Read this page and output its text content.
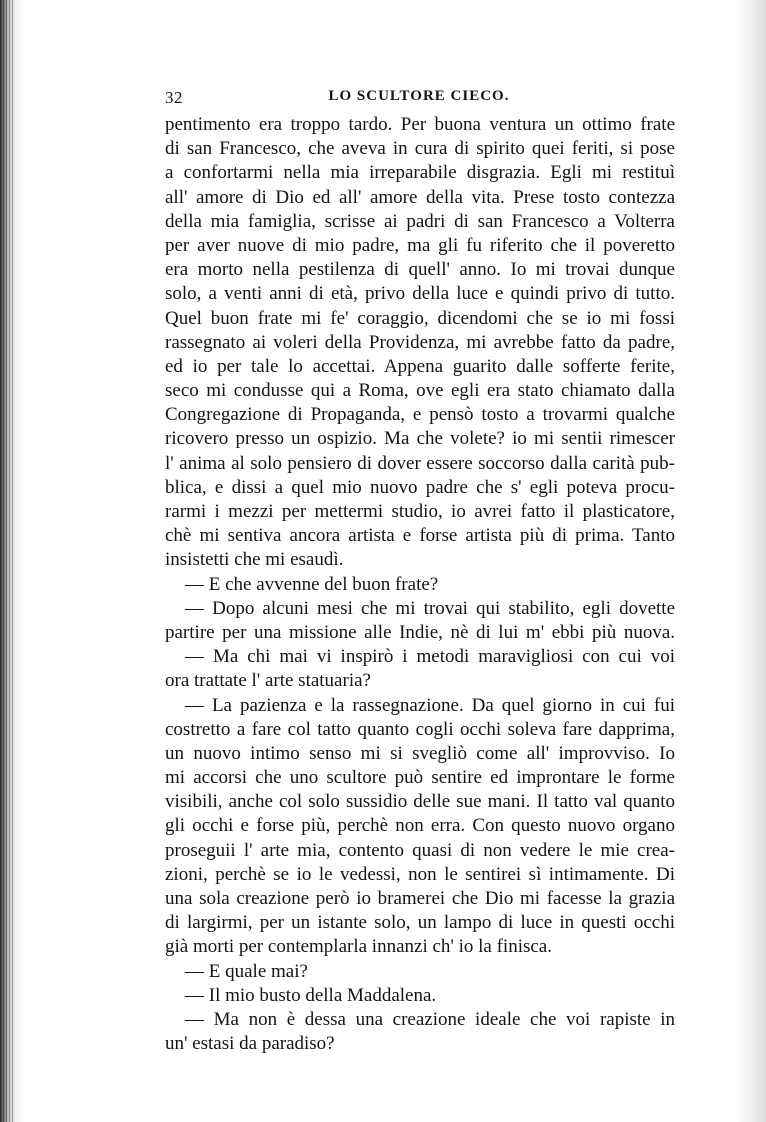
32	LO SCULTORE CIECO.
pentimento era troppo tardo. Per buona ventura un ottimo frate
di san Francesco, che aveva in cura di spirito quei feriti, si pose
a confortarmi nella mia irreparabile disgrazia. Egli mi restituì
all' amore di Dio ed all' amore della vita. Prese tosto contezza
della mia famiglia, scrisse ai padri di san Francesco a Volterra
per aver nuove di mio padre, ma gli fu riferito che il poveretto
era morto nella pestilenza di quell' anno. Io mi trovai dunque
solo, a venti anni di età, privo della luce e quindi privo di tutto.
Quel buon frate mi fe' coraggio, dicendomi che se io mi fossi
rassegnato ai voleri della Providenza, mi avrebbe fatto da padre,
ed io per tale lo accettai. Appena guarito dalle sofferte ferite,
seco mi condusse qui a Roma, ove egli era stato chiamato dalla
Congregazione di Propaganda, e pensò tosto a trovarmi qualche
ricovero presso un ospizio. Ma che volete? io mi sentii rimescer
l' anima al solo pensiero di dover essere soccorso dalla carità pub-
blica, e dissi a quel mio nuovo padre che s' egli poteva procu-
rarmi i mezzi per mettermi studio, io avrei fatto il plasticatore,
chè mi sentiva ancora artista e forse artista più di prima. Tanto
insistetti che mi esaudì.
— E che avvenne del buon frate?
— Dopo alcuni mesi che mi trovai qui stabilito, egli dovette
partire per una missione alle Indie, nè di lui m' ebbi più nuova.
— Ma chi mai vi inspirò i metodi maravigliosi con cui voi
ora trattate l' arte statuaria?
— La pazienza e la rassegnazione. Da quel giorno in cui fui
costretto a fare col tatto quanto cogli occhi soleva fare dapprima,
un nuovo intimo senso mi si svegliò come all' improvviso. Io
mi accorsi che uno scultore può sentire ed improntare le forme
visibili, anche col solo sussidio delle sue mani. Il tatto val quanto
gli occhi e forse più, perchè non erra. Con questo nuovo organo
proseguii l' arte mia, contento quasi di non vedere le mie crea-
zioni, perchè se io le vedessi, non le sentirei sì intimamente. Di
una sola creazione però io bramerei che Dio mi facesse la grazia
di largirmi, per un istante solo, un lampo di luce in questi occhi
già morti per contemplarla innanzi ch' io la finisca.
— E quale mai?
— Il mio busto della Maddalena.
— Ma non è dessa una creazione ideale che voi rapiste in
un' estasi da paradiso?
